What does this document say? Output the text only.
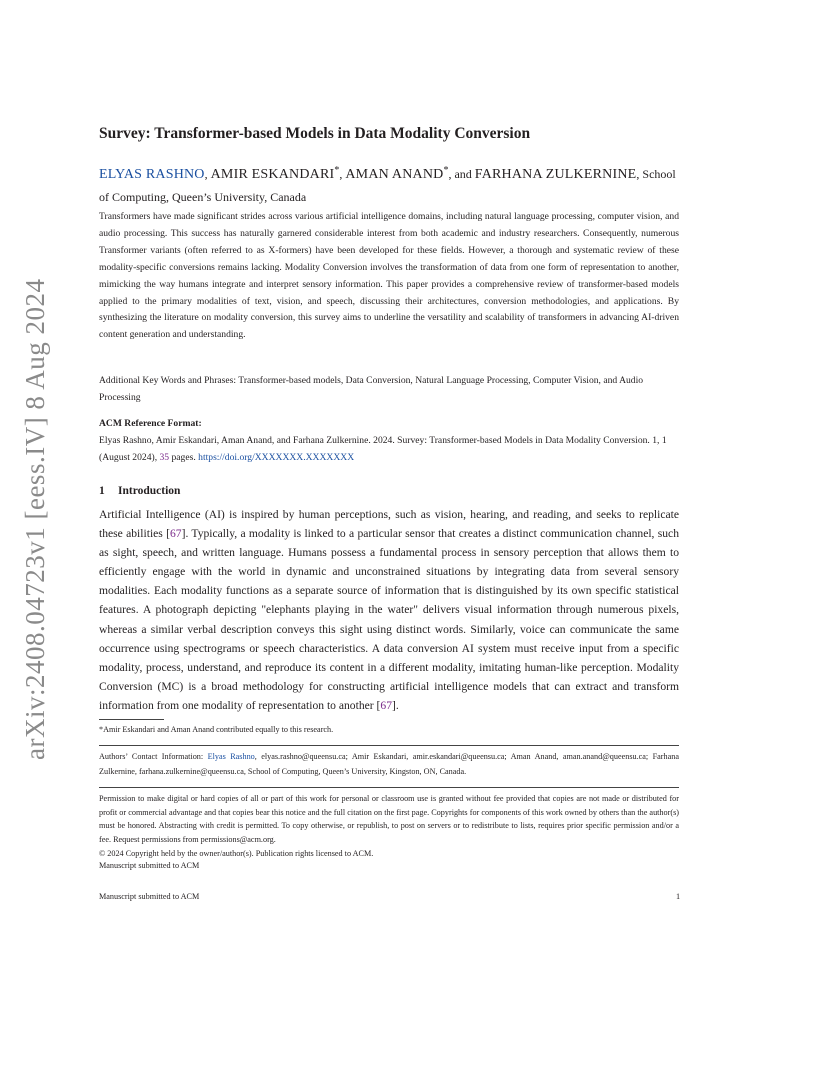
arXiv:2408.04723v1 [eess.IV] 8 Aug 2024
Survey: Transformer-based Models in Data Modality Conversion
ELYAS RASHNO, AMIR ESKANDARI*, AMAN ANAND*, and FARHANA ZULKERNINE, School of Computing, Queen’s University, Canada

Transformers have made significant strides across various artificial intelligence domains, including natural language processing, computer vision, and audio processing. This success has naturally garnered considerable interest from both academic and industry researchers. Consequently, numerous Transformer variants (often referred to as X-formers) have been developed for these fields. However, a thorough and systematic review of these modality-specific conversions remains lacking. Modality Conversion involves the transformation of data from one form of representation to another, mimicking the way humans integrate and interpret sensory information. This paper provides a comprehensive review of transformer-based models applied to the primary modalities of text, vision, and speech, discussing their architectures, conversion methodologies, and applications. By synthesizing the literature on modality conversion, this survey aims to underline the versatility and scalability of transformers in advancing AI-driven content generation and understanding.

Additional Key Words and Phrases: Transformer-based models, Data Conversion, Natural Language Processing, Computer Vision, and Audio Processing

ACM Reference Format:

Elyas Rashno, Amir Eskandari, Aman Anand, and Farhana Zulkernine. 2024. Survey: Transformer-based Models in Data Modality Conversion. 1, 1 (August 2024), 35 pages. https://doi.org/XXXXXXX.XXXXXXX

1 Introduction

Artificial Intelligence (AI) is inspired by human perceptions, such as vision, hearing, and reading, and seeks to replicate these abilities [67]. Typically, a modality is linked to a particular sensor that creates a distinct communication channel, such as sight, speech, and written language. Humans possess a fundamental process in sensory perception that allows them to efficiently engage with the world in dynamic and unconstrained situations by integrating data from several sensory modalities. Each modality functions as a separate source of information that is distinguished by its own specific statistical features. A photograph depicting "elephants playing in the water" delivers visual information through numerous pixels, whereas a similar verbal description conveys this sight using distinct words. Similarly, voice can communicate the same occurrence using spectrograms or speech characteristics. A data conversion AI system must receive input from a specific modality, process, understand, and reproduce its content in a different modality, imitating human-like perception. Modality Conversion (MC) is a broad methodology for constructing artificial intelligence models that can extract and transform information from one modality of representation to another [67].

*Amir Eskandari and Aman Anand contributed equally to this research.

Authors’ Contact Information: Elyas Rashno, elyas.rashno@queensu.ca; Amir Eskandari, amir.eskandari@queensu.ca; Aman Anand, aman.anand@queensu.ca; Farhana Zulkernine, farhana.zulkernine@queensu.ca, School of Computing, Queen’s University, Kingston, ON, Canada.

Permission to make digital or hard copies of all or part of this work for personal or classroom use is granted without fee provided that copies are not made or distributed for profit or commercial advantage and that copies bear this notice and the full citation on the first page. Copyrights for components of this work owned by others than the author(s) must be honored. Abstracting with credit is permitted. To copy otherwise, or republish, to post on servers or to redistribute to lists, requires prior specific permission and/or a fee. Request permissions from permissions@acm.org.

© 2024 Copyright held by the owner/author(s). Publication rights licensed to ACM.

Manuscript submitted to ACM

Manuscript submitted to ACM	1
